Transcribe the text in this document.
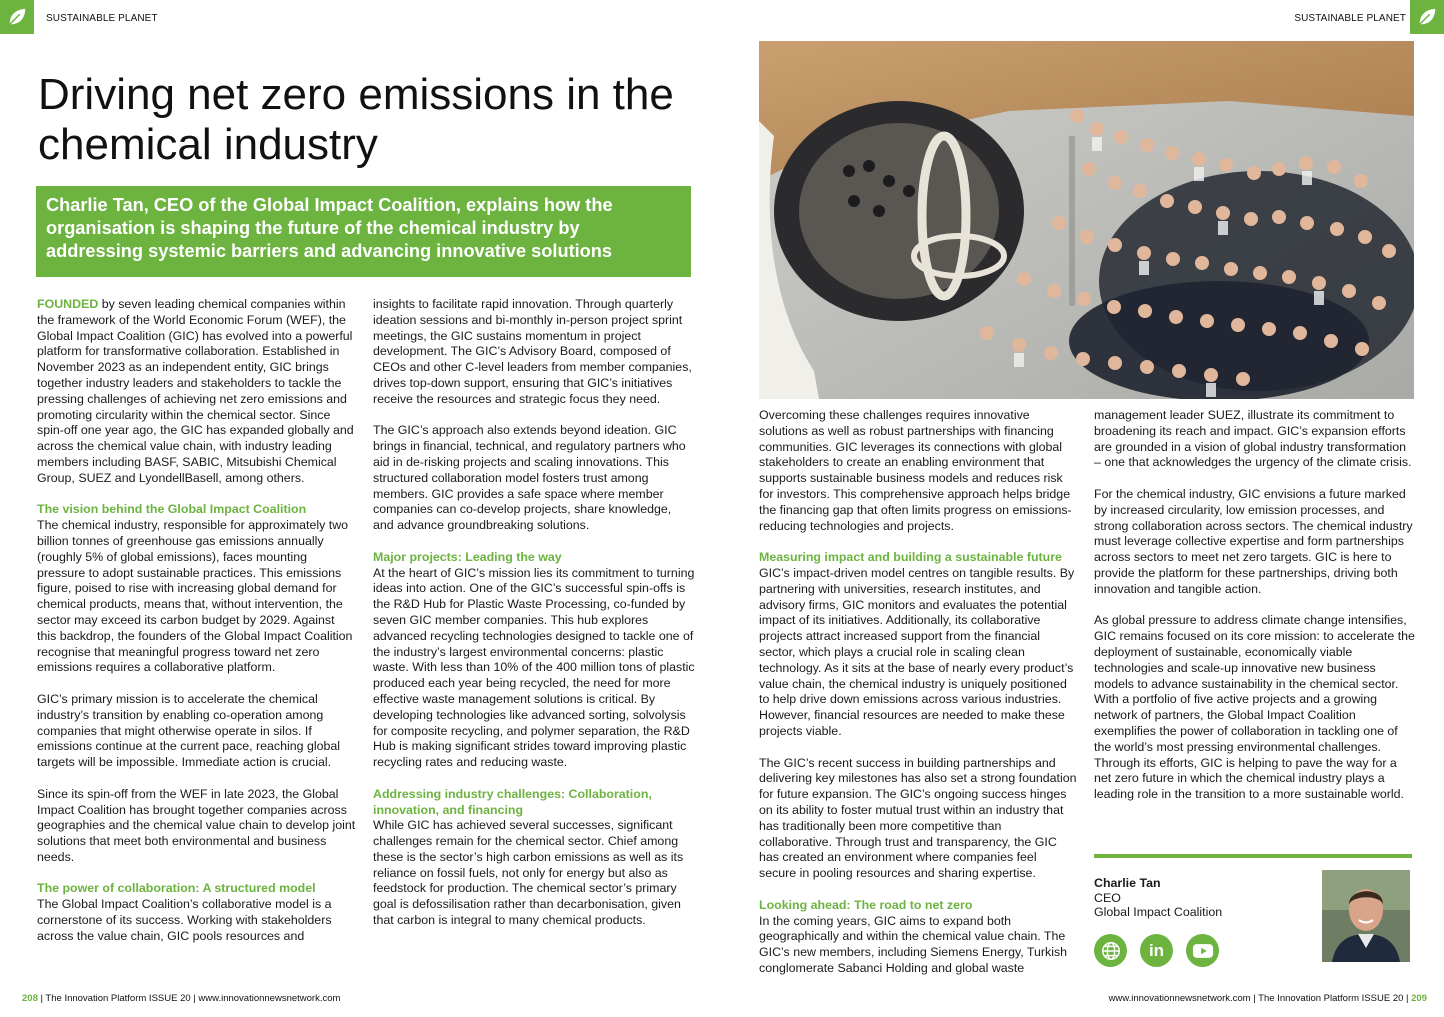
SUSTAINABLE PLANET	SUSTAINABLE PLANET
Driving net zero emissions in the chemical industry
Charlie Tan, CEO of the Global Impact Coalition, explains how the organisation is shaping the future of the chemical industry by addressing systemic barriers and advancing innovative solutions

FOUNDED by seven leading chemical companies within the framework of the World Economic Forum (WEF), the Global Impact Coalition (GIC) has evolved into a powerful platform for transformative collaboration. Established in November 2023 as an independent entity, GIC brings together industry leaders and stakeholders to tackle the pressing challenges of achieving net zero emissions and promoting circularity within the chemical sector. Since spin-off one year ago, the GIC has expanded globally and across the chemical value chain, with industry leading members including BASF, SABIC, Mitsubishi Chemical Group, SUEZ and LyondellBasell, among others.

The vision behind the Global Impact Coalition

The chemical industry, responsible for approximately two billion tonnes of greenhouse gas emissions annually (roughly 5% of global emissions), faces mounting pressure to adopt sustainable practices. This emissions figure, poised to rise with increasing global demand for chemical products, means that, without intervention, the sector may exceed its carbon budget by 2029. Against this backdrop, the founders of the Global Impact Coalition recognise that meaningful progress toward net zero emissions requires a collaborative platform.

GIC’s primary mission is to accelerate the chemical industry’s transition by enabling co-operation among companies that might otherwise operate in silos. If emissions continue at the current pace, reaching global targets will be impossible. Immediate action is crucial.

Since its spin-off from the WEF in late 2023, the Global Impact Coalition has brought together companies across geographies and the chemical value chain to develop joint solutions that meet both environmental and business needs.

The power of collaboration: A structured model

The Global Impact Coalition’s collaborative model is a cornerstone of its success. Working with stakeholders across the value chain, GIC pools resources and

insights to facilitate rapid innovation. Through quarterly ideation sessions and bi-monthly in-person project sprint meetings, the GIC sustains momentum in project development. The GIC’s Advisory Board, composed of CEOs and other C-level leaders from member companies, drives top-down support, ensuring that GIC’s initiatives receive the resources and strategic focus they need.

The GIC’s approach also extends beyond ideation. GIC brings in financial, technical, and regulatory partners who aid in de-risking projects and scaling innovations. This structured collaboration model fosters trust among members. GIC provides a safe space where member companies can co-develop projects, share knowledge, and advance groundbreaking solutions.

Major projects: Leading the way

At the heart of GIC’s mission lies its commitment to turning ideas into action. One of the GIC’s successful spin-offs is the R&D Hub for Plastic Waste Processing, co-funded by seven GIC member companies. This hub explores advanced recycling technologies designed to tackle one of the industry’s largest environmental concerns: plastic waste. With less than 10% of the 400 million tons of plastic produced each year being recycled, the need for more effective waste management solutions is critical. By developing technologies like advanced sorting, solvolysis for composite recycling, and polymer separation, the R&D Hub is making significant strides toward improving plastic recycling rates and reducing waste.

Addressing industry challenges: Collaboration, innovation, and financing

While GIC has achieved several successes, significant challenges remain for the chemical sector. Chief among these is the sector’s high carbon emissions as well as its reliance on fossil fuels, not only for energy but also as feedstock for production. The chemical sector’s primary goal is defossilisation rather than decarbonisation, given that carbon is integral to many chemical products.

Overcoming these challenges requires innovative solutions as well as robust partnerships with financing communities. GIC leverages its connections with global stakeholders to create an enabling environment that supports sustainable business models and reduces risk for investors. This comprehensive approach helps bridge the financing gap that often limits progress on emissions-reducing technologies and projects.

Measuring impact and building a sustainable future

GIC’s impact-driven model centres on tangible results. By partnering with universities, research institutes, and advisory firms, GIC monitors and evaluates the potential impact of its initiatives. Additionally, its collaborative projects attract increased support from the financial sector, which plays a crucial role in scaling clean technology. As it sits at the base of nearly every product’s value chain, the chemical industry is uniquely positioned to help drive down emissions across various industries. However, financial resources are needed to make these projects viable.

The GIC’s recent success in building partnerships and delivering key milestones has also set a strong foundation for future expansion. The GIC’s ongoing success hinges on its ability to foster mutual trust within an industry that has traditionally been more competitive than collaborative. Through trust and transparency, the GIC has created an environment where companies feel secure in pooling resources and sharing expertise.

Looking ahead: The road to net zero

In the coming years, GIC aims to expand both geographically and within the chemical value chain. The GIC’s new members, including Siemens Energy, Turkish conglomerate Sabanci Holding and global waste

management leader SUEZ, illustrate its commitment to broadening its reach and impact. GIC’s expansion efforts are grounded in a vision of global industry transformation – one that acknowledges the urgency of the climate crisis.

For the chemical industry, GIC envisions a future marked by increased circularity, low emission processes, and strong collaboration across sectors. The chemical industry must leverage collective expertise and form partnerships across sectors to meet net zero targets. GIC is here to provide the platform for these partnerships, driving both innovation and tangible action.

As global pressure to address climate change intensifies, GIC remains focused on its core mission: to accelerate the deployment of sustainable, economically viable technologies and scale-up innovative new business models to advance sustainability in the chemical sector. With a portfolio of five active projects and a growing network of partners, the Global Impact Coalition exemplifies the power of collaboration in tackling one of the world’s most pressing environmental challenges. Through its efforts, GIC is helping to pave the way for a net zero future in which the chemical industry plays a leading role in the transition to a more sustainable world.

Charlie Tan
CEO
Global Impact Coalition
in
208 | The Innovation Platform ISSUE 20 | www.innovationnewsnetwork.com	www.innovationnewsnetwork.com | The Innovation Platform ISSUE 20 | 209
